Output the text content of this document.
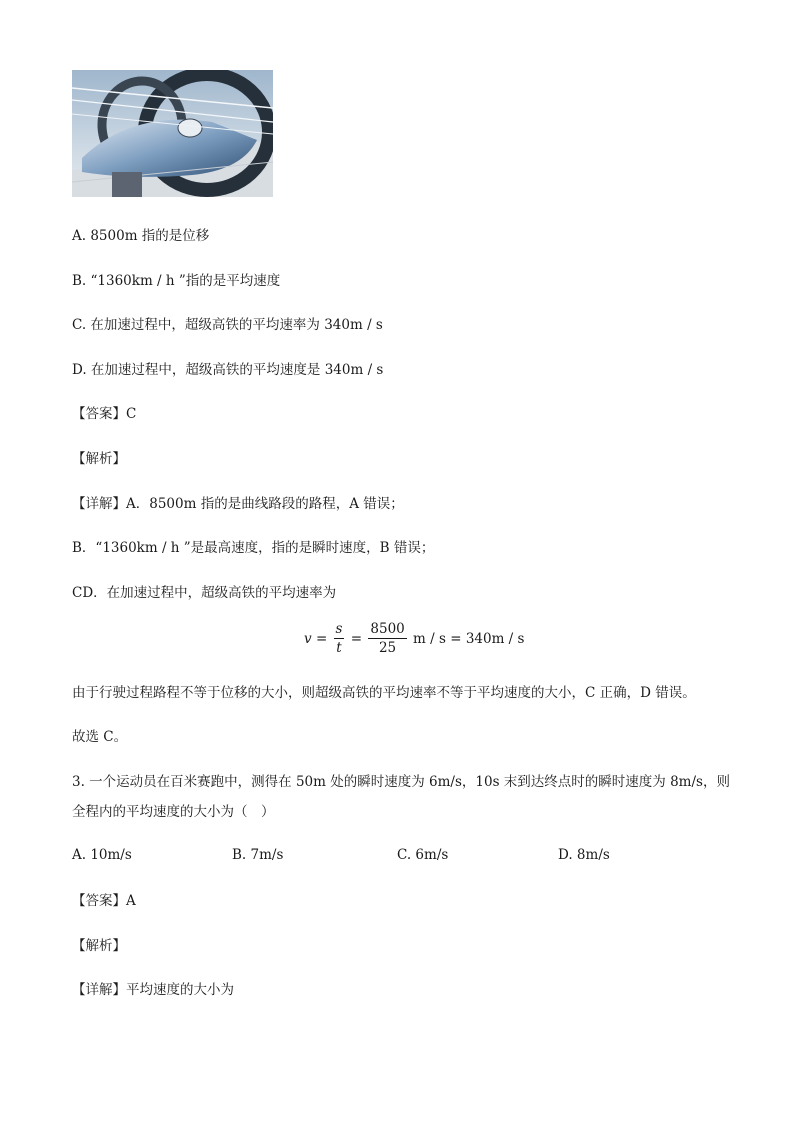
A. 8500m 指的是位移
B. “1360km / h ”指的是平均速度
C. 在加速过程中，超级高铁的平均速率为 340m / s
D. 在加速过程中，超级高铁的平均速度是 340m / s
【答案】C
【解析】
【详解】A．8500m 指的是曲线路段的路程，A 错误；
B．“1360km / h ”是最高速度，指的是瞬时速度，B 错误；
CD．在加速过程中，超级高铁的平均速率为
$v = \frac{s}{t} = \frac{8500}{25}$ m / s = 340m / s
由于行驶过程路程不等于位移的大小，则超级高铁的平均速率不等于平均速度的大小，C 正确，D 错误。
故选 C。
3. 一个运动员在百米赛跑中，测得在 50m 处的瞬时速度为 6m/s，10s 末到达终点时的瞬时速度为 8m/s，则
全程内的平均速度的大小为（　）
A. 10m/s	B. 7m/s	C. 6m/s	D. 8m/s
【答案】A
【解析】
【详解】平均速度的大小为
